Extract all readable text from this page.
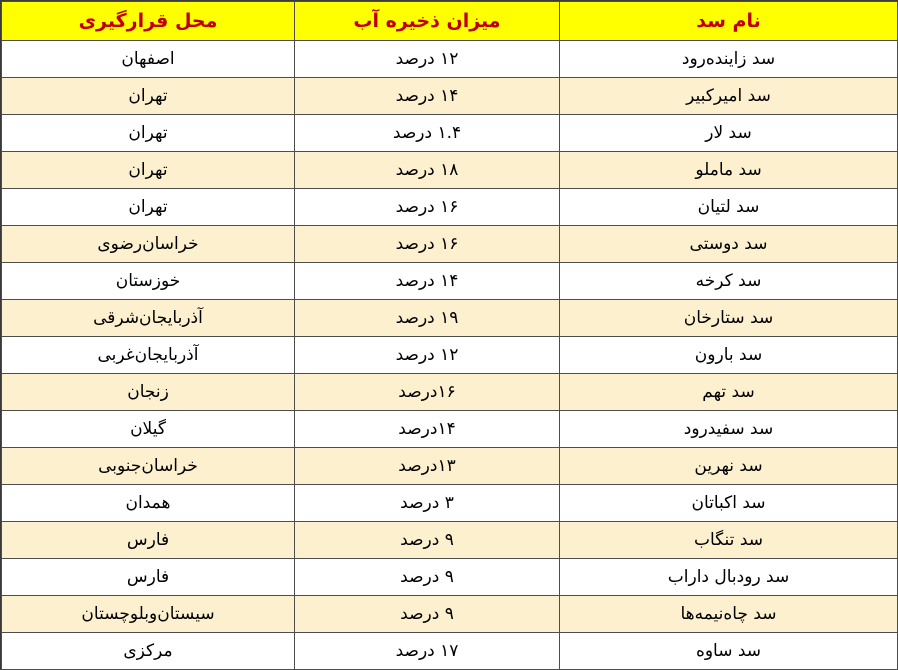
نام سد	میزان ذخیره آب	محل قرارگیری
سد زاینده‌رود	۱۲ درصد	اصفهان
سد امیرکبیر	۱۴ درصد	تهران
سد لار	۱.۴ درصد	تهران
سد ماملو	۱۸ درصد	تهران
سد لتیان	۱۶ درصد	تهران
سد دوستی	۱۶ درصد	خراسان‌رضوی
سد کرخه	۱۴ درصد	خوزستان
سد ستارخان	۱۹ درصد	آذربایجان‌شرقی
سد بارون	۱۲ درصد	آذربایجان‌غربی
سد تهم	۱۶درصد	زنجان
سد سفیدرود	۱۴درصد	گیلان
سد نهرین	۱۳درصد	خراسان‌جنوبی
سد اکباتان	۳ درصد	همدان
سد تنگاب	۹ درصد	فارس
سد رودبال داراب	۹ درصد	فارس
سد چاه‌نیمه‌ها	۹ درصد	سیستان‌وبلوچستان
سد ساوه	۱۷ درصد	مرکزی
